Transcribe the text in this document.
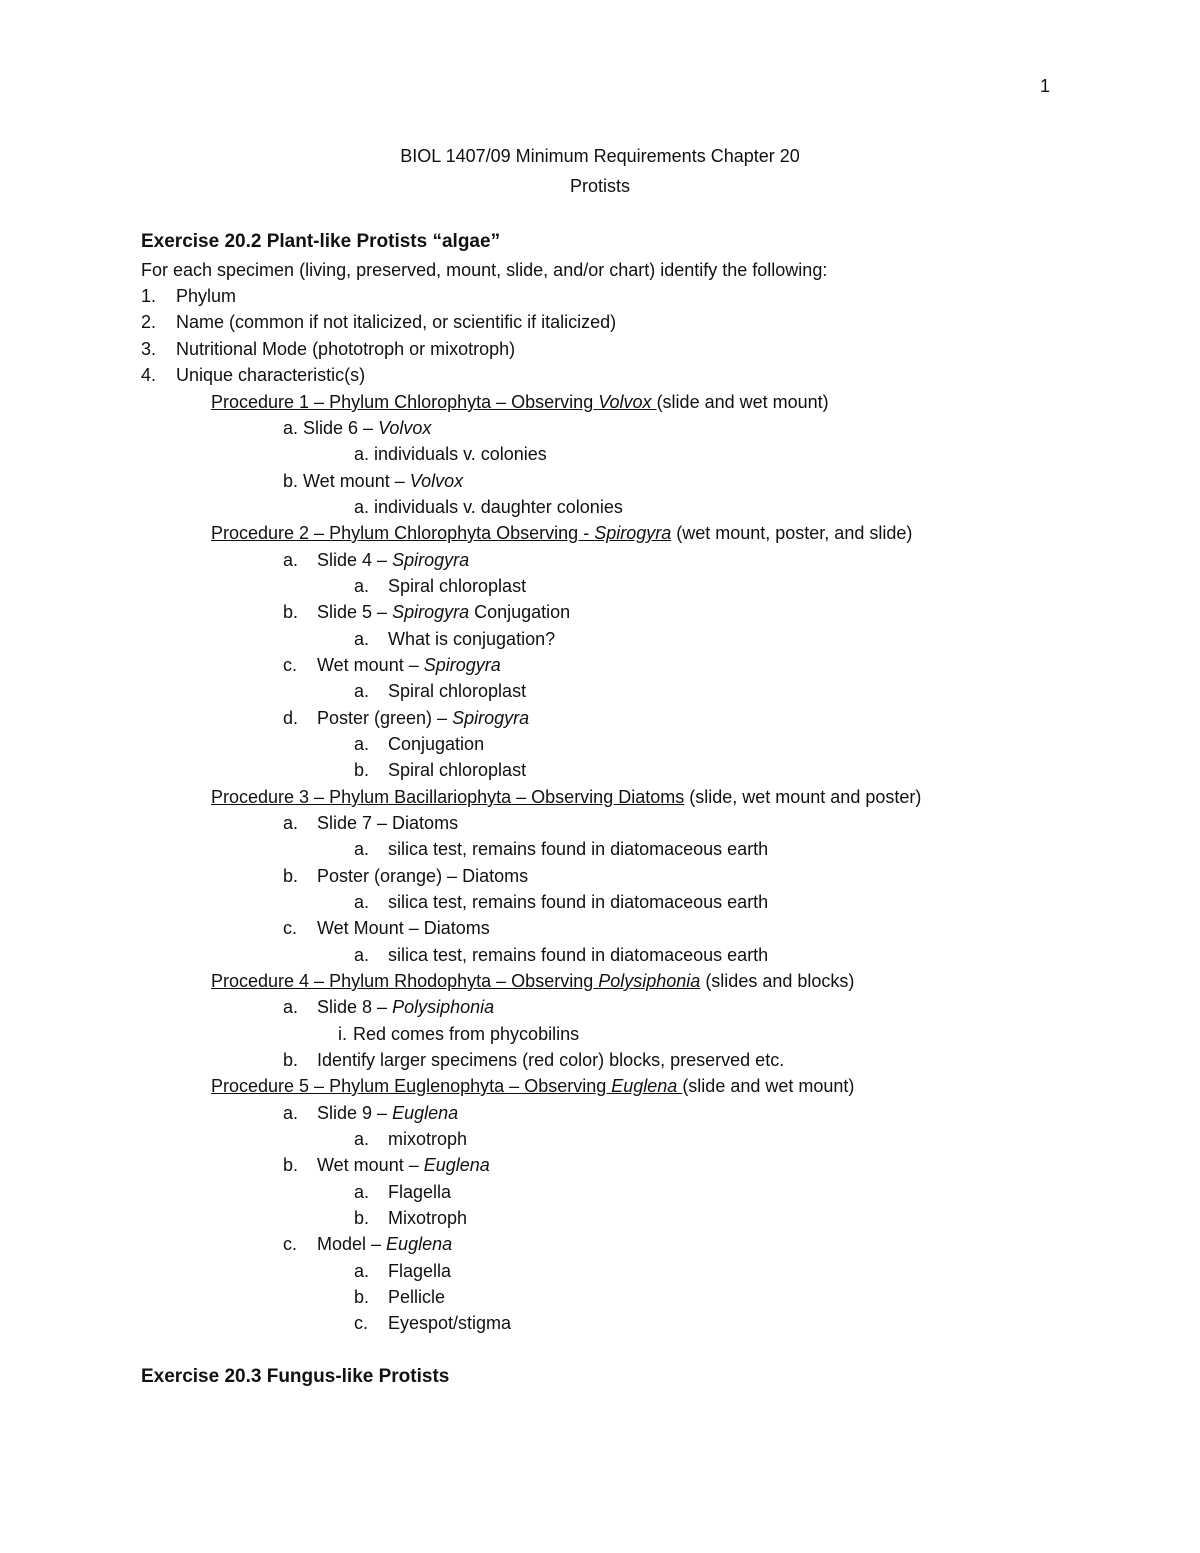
1
BIOL 1407/09 Minimum Requirements Chapter 20
Protists
Exercise 20.2 Plant-like Protists “algae”
For each specimen (living, preserved, mount, slide, and/or chart) identify the following:
1. Phylum
2. Name (common if not italicized, or scientific if italicized)
3. Nutritional Mode (phototroph or mixotroph)
4. Unique characteristic(s)
Procedure 1 – Phylum Chlorophyta – Observing Volvox (slide and wet mount)
a. Slide 6 – Volvox
a. individuals v. colonies
b. Wet mount – Volvox
a. individuals v. daughter colonies
Procedure 2 – Phylum Chlorophyta Observing - Spirogyra (wet mount, poster, and slide)
a. Slide 4 – Spirogyra
a. Spiral chloroplast
b. Slide 5 – Spirogyra Conjugation
a. What is conjugation?
c. Wet mount – Spirogyra
a. Spiral chloroplast
d. Poster (green) – Spirogyra
a. Conjugation
b. Spiral chloroplast
Procedure 3 – Phylum Bacillariophyta – Observing Diatoms (slide, wet mount and poster)
a. Slide 7 – Diatoms
a. silica test, remains found in diatomaceous earth
b. Poster (orange) – Diatoms
a. silica test, remains found in diatomaceous earth
c. Wet Mount – Diatoms
a. silica test, remains found in diatomaceous earth
Procedure 4 – Phylum Rhodophyta – Observing Polysiphonia (slides and blocks)
a. Slide 8 – Polysiphonia
i. Red comes from phycobilins
b. Identify larger specimens (red color) blocks, preserved etc.
Procedure 5 – Phylum Euglenophyta – Observing Euglena (slide and wet mount)
a. Slide 9 – Euglena
a. mixotroph
b. Wet mount – Euglena
a. Flagella
b. Mixotroph
c. Model – Euglena
a. Flagella
b. Pellicle
c. Eyespot/stigma
Exercise 20.3 Fungus-like Protists
